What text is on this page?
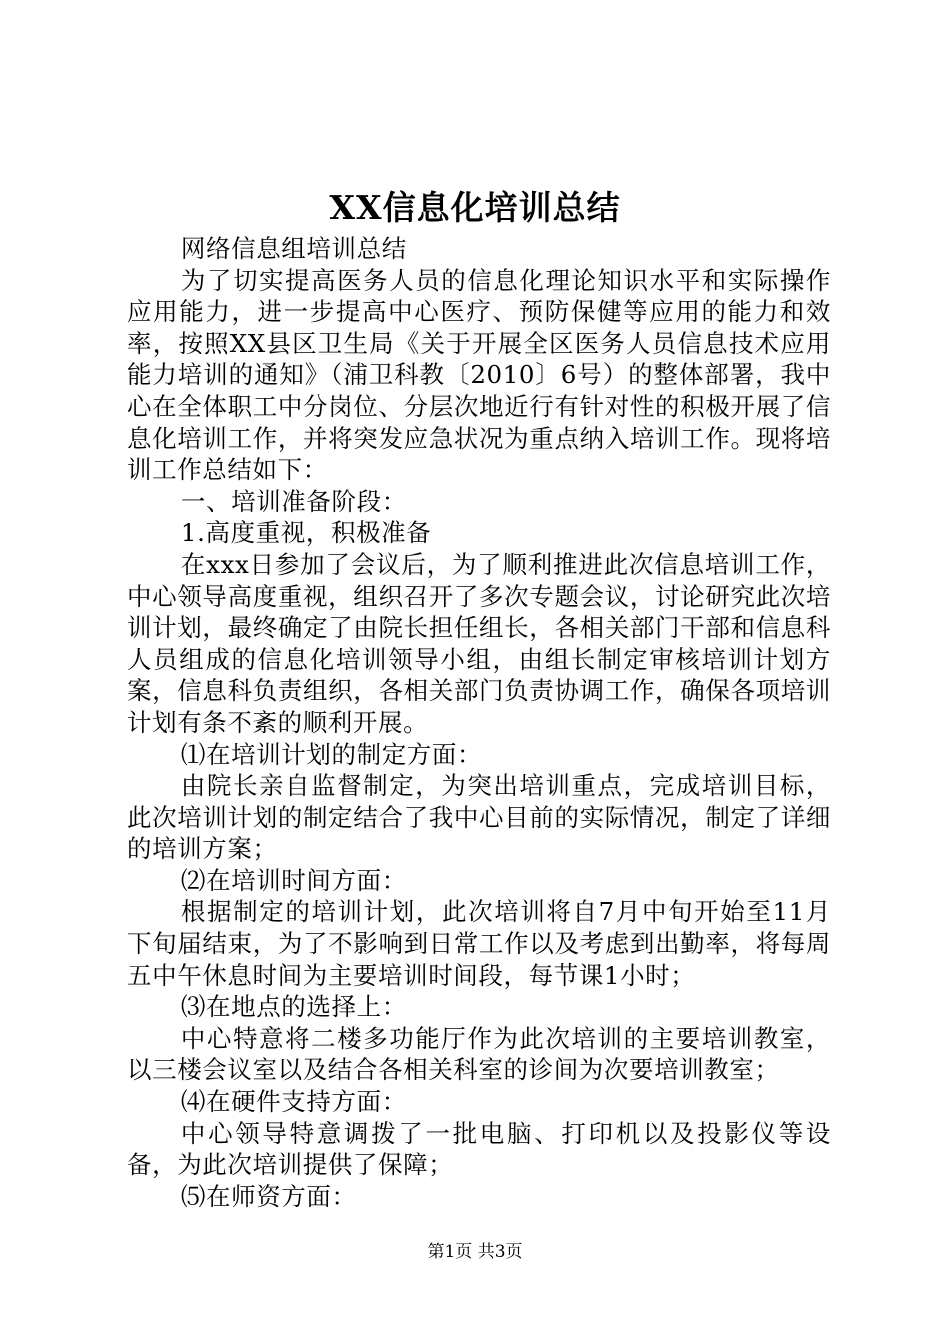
XX信息化培训总结

网络信息组培训总结

为了切实提高医务人员的信息化理论知识水平和实际操作应用能力，进一步提高中心医疗、预防保健等应用的能力和效率，按照XX县区卫生局《关于开展全区医务人员信息技术应用能力培训的通知》（浦卫科教〔2010〕6号）的整体部署，我中心在全体职工中分岗位、分层次地近行有针对性的积极开展了信息化培训工作，并将突发应急状况为重点纳入培训工作。现将培训工作总结如下：

一、培训准备阶段：

1.高度重视，积极准备

在xxx日参加了会议后，为了顺利推进此次信息培训工作，中心领导高度重视，组织召开了多次专题会议，讨论研究此次培训计划，最终确定了由院长担任组长，各相关部门干部和信息科人员组成的信息化培训领导小组，由组长制定审核培训计划方案，信息科负责组织，各相关部门负责协调工作，确保各项培训计划有条不紊的顺利开展。

⑴在培训计划的制定方面：

由院长亲自监督制定，为突出培训重点，完成培训目标，此次培训计划的制定结合了我中心目前的实际情况，制定了详细的培训方案；

⑵在培训时间方面：

根据制定的培训计划，此次培训将自7月中旬开始至11月下旬届结束，为了不影响到日常工作以及考虑到出勤率，将每周五中午休息时间为主要培训时间段，每节课1小时；

⑶在地点的选择上：

中心特意将二楼多功能厅作为此次培训的主要培训教室，以三楼会议室以及结合各相关科室的诊间为次要培训教室；

⑷在硬件支持方面：

中心领导特意调拨了一批电脑、打印机以及投影仪等设备，为此次培训提供了保障；

⑸在师资方面：

第1页 共3页
